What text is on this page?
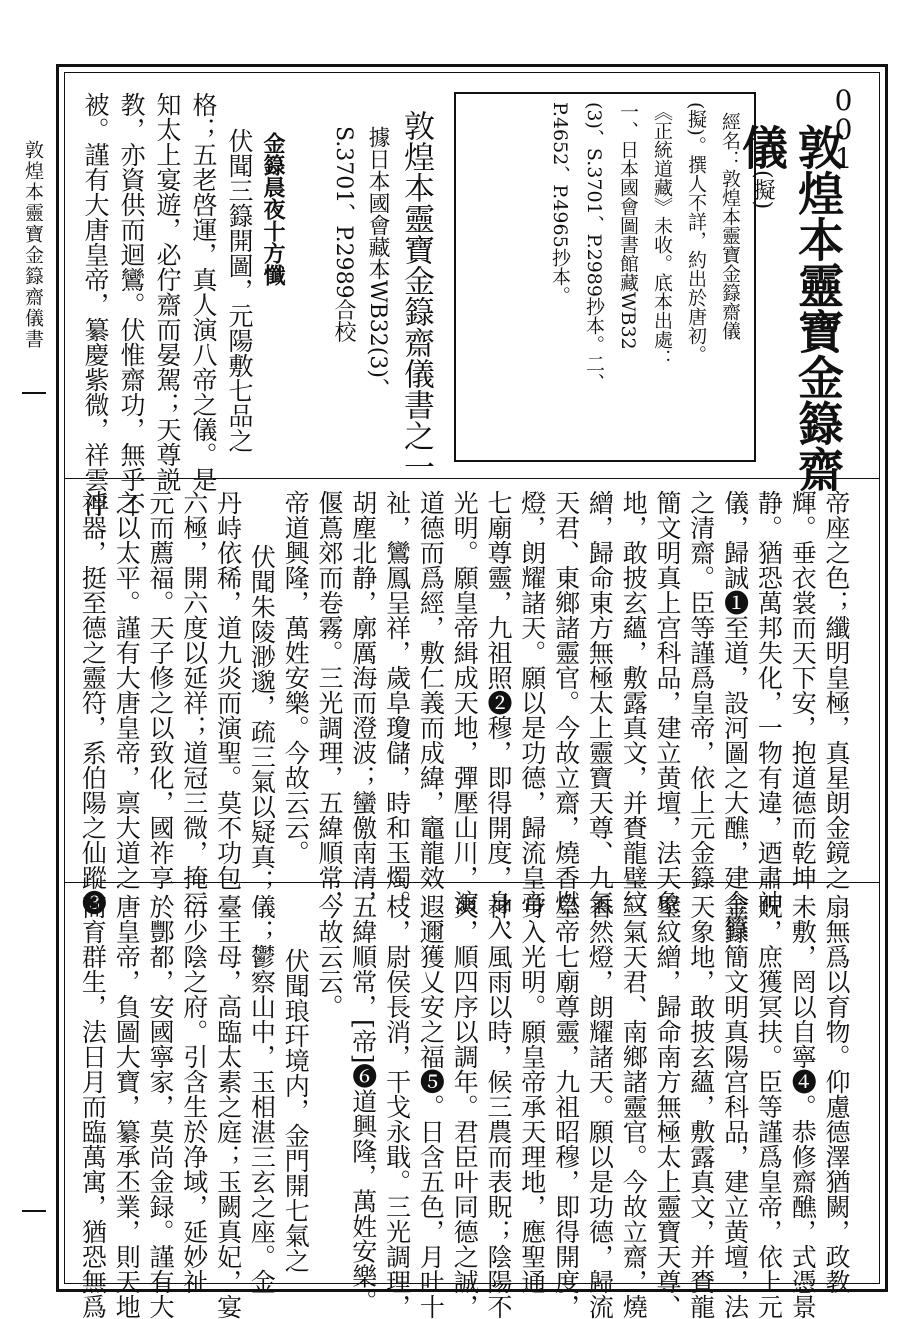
敦煌本靈寶金籙齋儀書
001
敦煌本靈寶金籙齋
儀(擬)
經名：敦煌本靈寶金籙齋儀
(擬)。撰人不詳，約出於唐初。
《正統道藏》未收。底本出處：
一、日本國會圖書館藏WB32
(3)、S.3701、P.2989抄本。二、
P.4652、P.4965抄本。
敦煌本靈寶金籙齋儀書之一
據日本國會藏本WB32(3)、
S.3701、P.2989合校
金籙晨夜十方懺
伏聞三籙開圖，元陽敷七品之
格；五老啓運，真人演八帝之儀。是
知太上宴遊，必佇齋而晏駕；天尊説
教，亦資供而迴鸞。伏惟齋功，無乎不
被。謹有大唐皇帝，纂慶紫微，祥雲浮
帝座之色；纖明皇極，真星朗金鏡之
輝。垂衣裳而天下安，抱道德而乾坤
静。猶恐萬邦失化，一物有違，迺肅神
儀，歸誠❶至道，設河圖之大醮，建金籙
之清齋。臣等謹爲皇帝，依上元金籙
簡文明真上宫科品，建立黄壇，法天象
地，敢披玄蘊，敷露真文，并賚龍璧紋
繒，歸命東方無極太上靈寶天尊、九氣
天君、東鄉諸靈官。今故立齋，燒香燃
燈，朗耀諸天。願以是功德，歸流皇帝
七廟尊靈，九祖照❷穆，即得開度，身入
光明。願皇帝緝成天地，彈壓山川，演
道德而爲經，敷仁義而成緯，竈龍效
祉，鸞鳳呈祥，歲阜瓊儲，時和玉燭。
胡塵北静，廓厲海而澄波；蠻儌南清，
偃蔦郊而卷霧。三光調理，五緯順常，
帝道興隆，萬姓安樂。今故云云。
伏聞朱陵渺邈，疏三氣以疑真；
丹峙依稀，道九炎而演聖。莫不功包
六極，開六度以延祥；道冠三微，掩三
元而薦福。天子修之以致化，國祚享
之以太平。謹有大唐皇帝，禀大道之
神器，挺至德之靈符，系伯陽之仙蹤❸
扇無爲以育物。仰慮德澤猶闕，政教
未敷，罔以自寧❹。恭修齋醮，式憑景
貺，庶獲冥扶。臣等謹爲皇帝，依上元
金籙簡文明真陽宫科品，建立黄壇，法
天象地，敢披玄蘊，敷露真文，并賚龍
璧紋繒，歸命南方無極太上靈寶天尊、
三氣天君、南鄉諸靈官。今故立齋，燒
香然燈，朗耀諸天。願以是功德，歸流
皇帝七廟尊靈，九祖昭穆，即得開度，
身入光明。願皇帝承天理地，應聖通
神，風雨以時，候三農而表貺；陰陽不
爽，順四序以調年。君臣叶同德之誠，
遐邇獲乂安之福❺。日含五色，月吐十
枝，尉侯長消，干戈永戢。三光調理，
五緯順常，[帝]❻道興隆，萬姓安樂。
今故云云。
伏聞琅玕境内，金門開七氣之
儀；鬱察山中，玉相湛三玄之座。金
臺王母，高臨太素之庭；玉闕真妃，宴
衍少陰之府。引含生於净域，延妙祉
於酆都，安國寧家，莫尚金録。謹有大
唐皇帝，負圖大寶，纂承丕業，則天地
而育群生，法日月而臨萬寓，猶恐無爲
